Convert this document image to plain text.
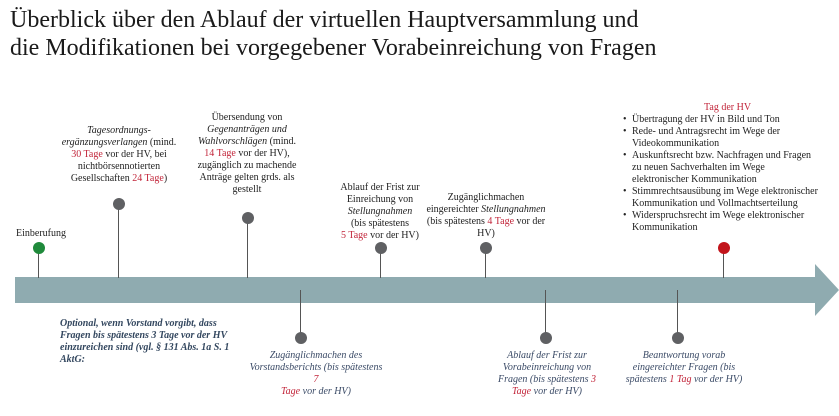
Überblick über den Ablauf der virtuellen Hauptversammlung und
die Modifikationen bei vorgegebener Vorabeinreichung von Fragen
Einberufung
Tagesordnungs-
ergänzungsverlangen (mind.
30 Tage vor der HV, bei
nichtbörsennotierten
Gesellschaften 24 Tage)
Übersendung von
Gegenanträgen und
Wahlvorschlägen (mind.
14 Tage vor der HV),
zugänglich zu machende
Anträge gelten grds. als
gestellt	Ablauf der Frist zur
Einreichung von
Stellungnahmen
(bis spätestens
5 Tage vor der HV)
Zugänglichmachen
eingereichter Stellungnahmen
(bis spätestens 4 Tage vor der
HV)
Tag der HV
• Übertragung der HV in Bild und Ton
• Rede- und Antragsrecht im Wege der Videokommunikation
• Auskunftsrecht bzw. Nachfragen und Fragen zu neuen Sachverhalten im Wege elektronischer Kommunikation
• Stimmrechtsausübung im Wege elektronischer Kommunikation und Vollmachtserteilung
• Widerspruchsrecht im Wege elektronischer Kommunikation
Optional, wenn Vorstand vorgibt, dass Fragen bis spätestens 3 Tage vor der HV einzureichen sind (vgl. § 131 Abs. 1a S. 1 AktG:	Zugänglichmachen des
Vorstandsberichts (bis spätestens 7
Tage vor der HV)
Ablauf der Frist zur
Vorabeinreichung von
Fragen (bis spätestens 3
Tage vor der HV)
Beantwortung vorab
eingereichter Fragen (bis
spätestens 1 Tag vor der HV)
